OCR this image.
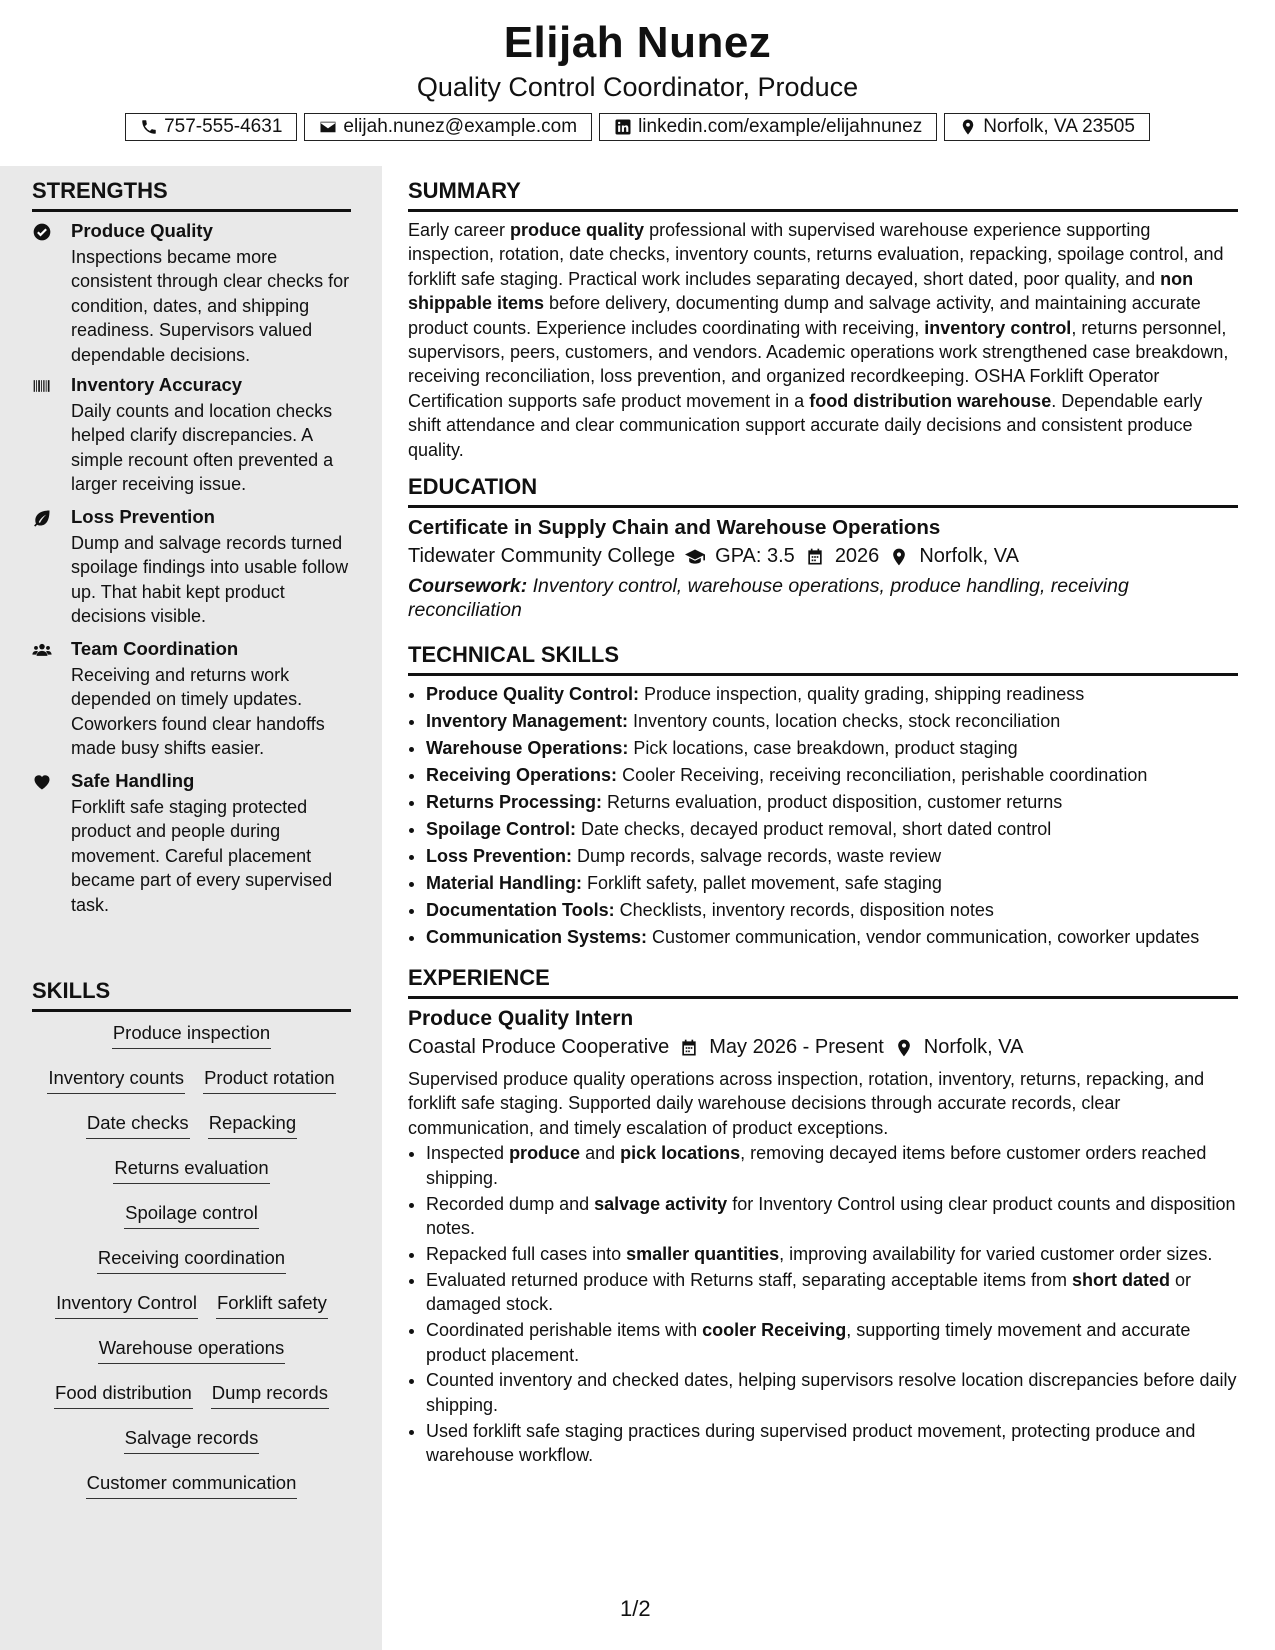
Elijah Nunez
Quality Control Coordinator, Produce
757-555-4631	elijah.nunez@example.com	linkedin.com/example/elijahnunez	Norfolk, VA 23505
STRENGTHS
Produce Quality
Inspections became more consistent through clear checks for condition, dates, and shipping readiness. Supervisors valued dependable decisions.
Inventory Accuracy
Daily counts and location checks helped clarify discrepancies. A simple recount often prevented a larger receiving issue.
Loss Prevention
Dump and salvage records turned spoilage findings into usable follow up. That habit kept product decisions visible.
Team Coordination
Receiving and returns work depended on timely updates. Coworkers found clear handoffs made busy shifts easier.
Safe Handling
Forklift safe staging protected product and people during movement. Careful placement became part of every supervised task.
SKILLS
Produce inspection
Inventory counts Product rotation
Date checks Repacking
Returns evaluation
Spoilage control
Receiving coordination
Inventory Control Forklift safety
Warehouse operations
Food distribution Dump records
Salvage records
Customer communication
SUMMARY

Early career produce quality professional with supervised warehouse experience supporting inspection, rotation, date checks, inventory counts, returns evaluation, repacking, spoilage control, and forklift safe staging. Practical work includes separating decayed, short dated, poor quality, and non shippable items before delivery, documenting dump and salvage activity, and maintaining accurate product counts. Experience includes coordinating with receiving, inventory control, returns personnel, supervisors, peers, customers, and vendors. Academic operations work strengthened case breakdown, receiving reconciliation, loss prevention, and organized recordkeeping. OSHA Forklift Operator Certification supports safe product movement in a food distribution warehouse. Dependable early shift attendance and clear communication support accurate daily decisions and consistent produce quality.

EDUCATION
Certificate in Supply Chain and Warehouse Operations
Tidewater Community College GPA: 3.5 2026 Norfolk, VA
Coursework: Inventory control, warehouse operations, produce handling, receiving reconciliation
TECHNICAL SKILLS
• Produce Quality Control: Produce inspection, quality grading, shipping readiness
• Inventory Management: Inventory counts, location checks, stock reconciliation
• Warehouse Operations: Pick locations, case breakdown, product staging
• Receiving Operations: Cooler Receiving, receiving reconciliation, perishable coordination
• Returns Processing: Returns evaluation, product disposition, customer returns
• Spoilage Control: Date checks, decayed product removal, short dated control
• Loss Prevention: Dump records, salvage records, waste review
• Material Handling: Forklift safety, pallet movement, safe staging
• Documentation Tools: Checklists, inventory records, disposition notes
• Communication Systems: Customer communication, vendor communication, coworker updates
EXPERIENCE
Produce Quality Intern
Coastal Produce Cooperative May 2026 - Present Norfolk, VA

Supervised produce quality operations across inspection, rotation, inventory, returns, repacking, and forklift safe staging. Supported daily warehouse decisions through accurate records, clear communication, and timely escalation of product exceptions.

• Inspected produce and pick locations, removing decayed items before customer orders reached shipping.
• Recorded dump and salvage activity for Inventory Control using clear product counts and disposition notes.
• Repacked full cases into smaller quantities, improving availability for varied customer order sizes.
• Evaluated returned produce with Returns staff, separating acceptable items from short dated or damaged stock.
• Coordinated perishable items with cooler Receiving, supporting timely movement and accurate product placement.
• Counted inventory and checked dates, helping supervisors resolve location discrepancies before daily shipping.
• Used forklift safe staging practices during supervised product movement, protecting produce and warehouse workflow.
1/2
